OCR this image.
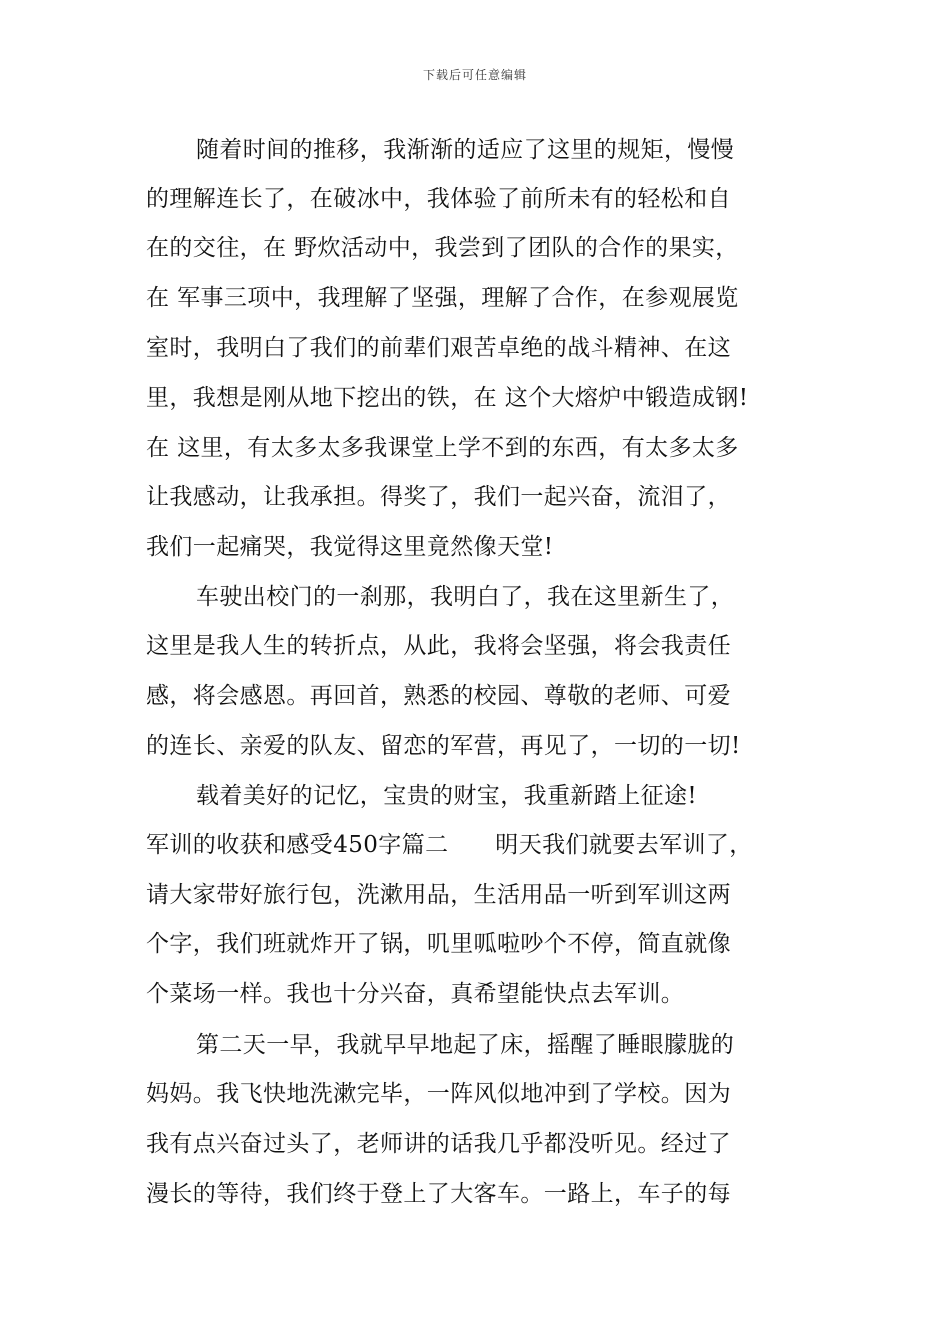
下载后可任意编辑
随着时间的推移，我渐渐的适应了这里的规矩，慢慢
的理解连长了，在破冰中，我体验了前所未有的轻松和自
在的交往，在 野炊活动中，我尝到了团队的合作的果实，
在 军事三项中，我理解了坚强，理解了合作，在参观展览
室时，我明白了我们的前辈们艰苦卓绝的战斗精神、在这
里，我想是刚从地下挖出的铁，在 这个大熔炉中锻造成钢!
在 这里，有太多太多我课堂上学不到的东西，有太多太多
让我感动，让我承担。得奖了，我们一起兴奋，流泪了，
我们一起痛哭，我觉得这里竟然像天堂!
车驶出校门的一刹那，我明白了，我在这里新生了，
这里是我人生的转折点，从此，我将会坚强，将会我责任
感，将会感恩。再回首，熟悉的校园、尊敬的老师、可爱
的连长、亲爱的队友、留恋的军营，再见了，一切的一切!
载着美好的记忆，宝贵的财宝，我重新踏上征途!
军训的收获和感受450字篇二　　明天我们就要去军训了，
请大家带好旅行包，洗漱用品，生活用品一听到军训这两
个字，我们班就炸开了锅，叽里呱啦吵个不停，简直就像
个菜场一样。我也十分兴奋，真希望能快点去军训。
第二天一早，我就早早地起了床，摇醒了睡眼朦胧的
妈妈。我飞快地洗漱完毕，一阵风似地冲到了学校。因为
我有点兴奋过头了，老师讲的话我几乎都没听见。经过了
漫长的等待，我们终于登上了大客车。一路上，车子的每
